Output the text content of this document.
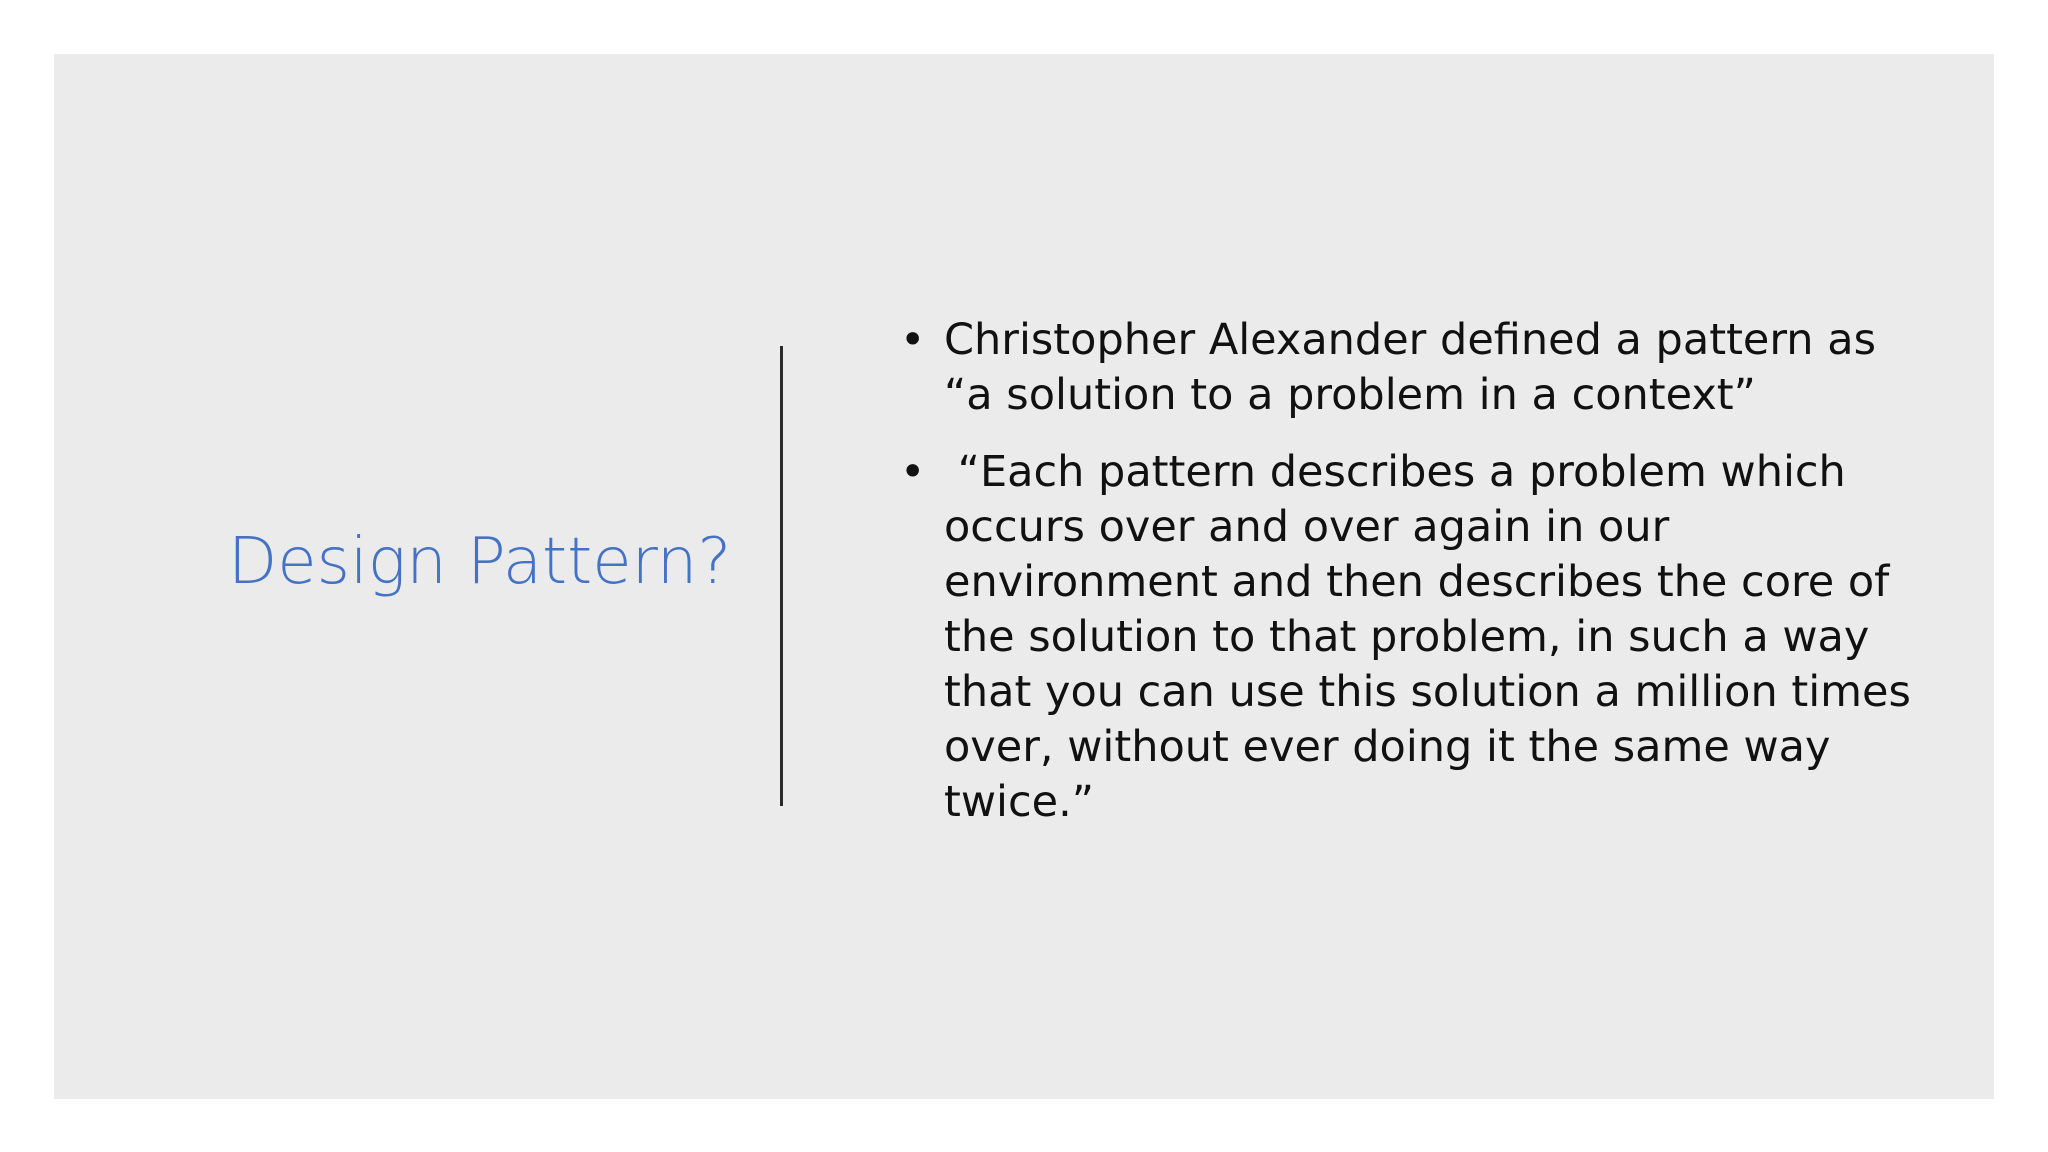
Design Pattern?
• Christopher Alexander defined a pattern as “a solution to a problem in a context”
• “Each pattern describes a problem which occurs over and over again in our environment and then describes the core of the solution to that problem, in such a way that you can use this solution a million times over, without ever doing it the same way twice.”
